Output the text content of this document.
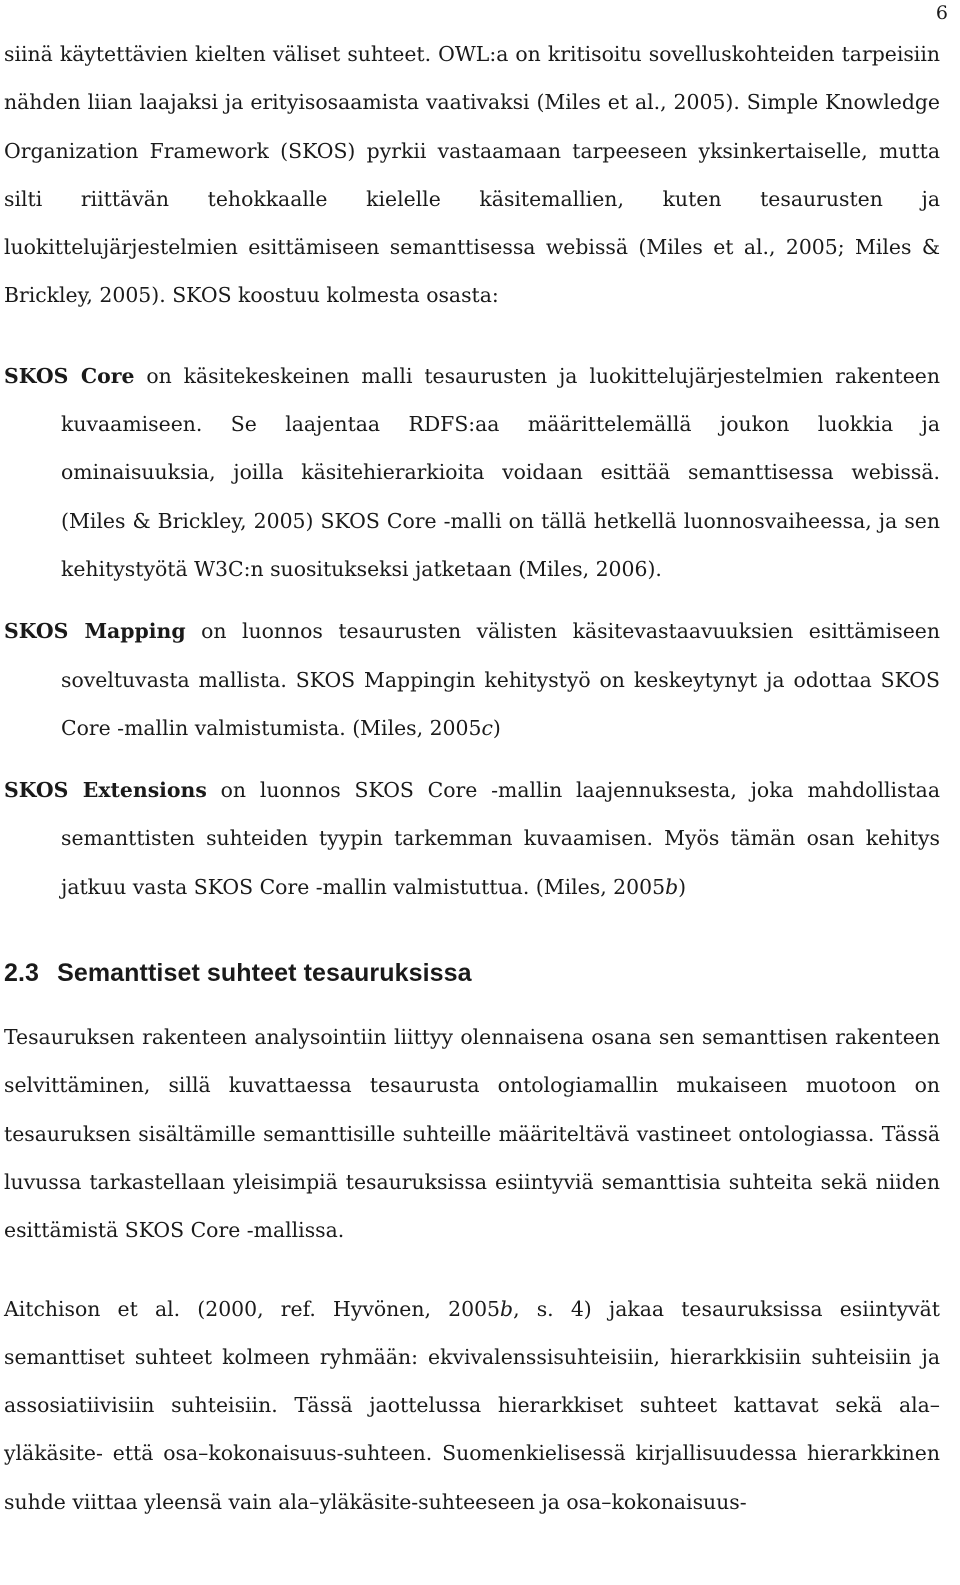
6

siinä käytettävien kielten väliset suhteet. OWL:a on kritisoitu sovelluskohteiden tarpeisiin nähden liian laajaksi ja erityisosaamista vaativaksi (Miles et al., 2005). Simple Knowledge Organization Framework (SKOS) pyrkii vastaamaan tarpeeseen yksinkertaiselle, mutta silti riittävän tehokkaalle kielelle käsitemallien, kuten tesaurusten ja luokittelujärjestelmien esittämiseen semanttisessa webissä (Miles et al., 2005; Miles & Brickley, 2005). SKOS koostuu kolmesta osasta:

SKOS Core on käsitekeskeinen malli tesaurusten ja luokittelujärjestelmien rakenteen kuvaamiseen. Se laajentaa RDFS:aa määrittelemällä joukon luokkia ja ominaisuuksia, joilla käsitehierarkioita voidaan esittää semanttisessa webissä. (Miles & Brickley, 2005) SKOS Core -malli on tällä hetkellä luonnosvaiheessa, ja sen kehitystyötä W3C:n suositukseksi jatketaan (Miles, 2006).
SKOS Mapping on luonnos tesaurusten välisten käsitevastaavuuksien esittämiseen soveltuvasta mallista. SKOS Mappingin kehitystyö on keskeytynyt ja odottaa SKOS Core -mallin valmistumista. (Miles, 2005c)
SKOS Extensions on luonnos SKOS Core -mallin laajennuksesta, joka mahdollistaa semanttisten suhteiden tyypin tarkemman kuvaamisen. Myös tämän osan kehitys jatkuu vasta SKOS Core -mallin valmistuttua. (Miles, 2005b)
2.3 Semanttiset suhteet tesauruksissa

Tesauruksen rakenteen analysointiin liittyy olennaisena osana sen semanttisen rakenteen selvittäminen, sillä kuvattaessa tesaurusta ontologiamallin mukaiseen muotoon on tesauruksen sisältämille semanttisille suhteille määriteltävä vastineet ontologiassa. Tässä luvussa tarkastellaan yleisimpiä tesauruksissa esiintyviä semanttisia suhteita sekä niiden esittämistä SKOS Core -mallissa.

Aitchison et al. (2000, ref. Hyvönen, 2005b, s. 4) jakaa tesauruksissa esiintyvät semanttiset suhteet kolmeen ryhmään: ekvivalenssisuhteisiin, hierarkkisiin suhteisiin ja assosiatiivisiin suhteisiin. Tässä jaottelussa hierarkkiset suhteet kattavat sekä ala–yläkäsite- että osa–kokonaisuus-suhteen. Suomenkielisessä kirjallisuudessa hierarkkinen suhde viittaa yleensä vain ala–yläkäsite-suhteeseen ja osa–kokonaisuus-
